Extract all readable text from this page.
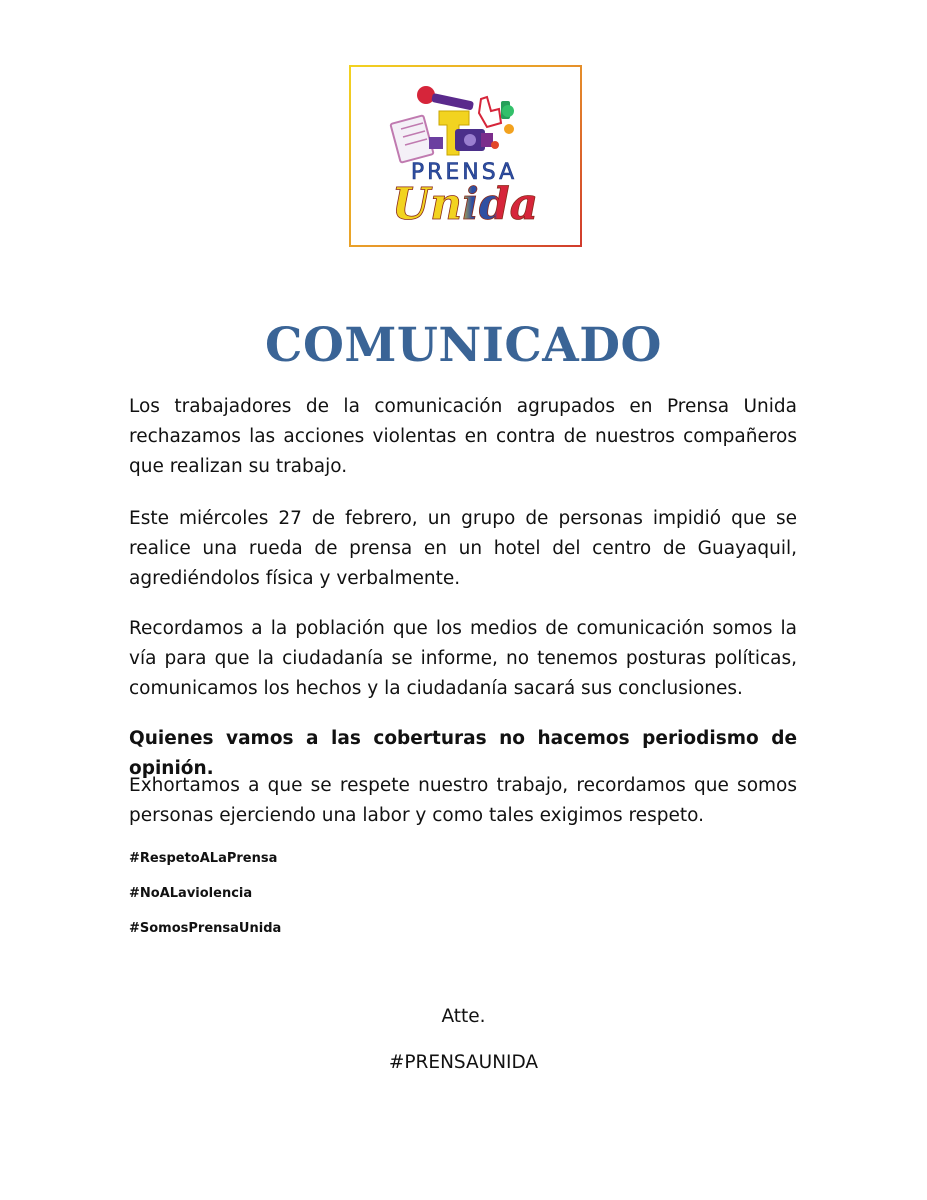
PRENSA
Unida
COMUNICADO

Los trabajadores de la comunicación agrupados en Prensa Unida rechazamos las acciones violentas en contra de nuestros compañeros que realizan su trabajo.

Este miércoles 27 de febrero, un grupo de personas impidió que se realice una rueda de prensa en un hotel del centro de Guayaquil, agrediéndolos física y verbalmente.

Recordamos a la población que los medios de comunicación somos la vía para que la ciudadanía se informe, no tenemos posturas políticas, comunicamos los hechos y la ciudadanía sacará sus conclusiones.

Quienes vamos a las coberturas no hacemos periodismo de opinión.

Exhortamos a que se respete nuestro trabajo, recordamos que somos personas ejerciendo una labor y como tales exigimos respeto.

#RespetoALaPrensa

#NoALaviolencia

#SomosPrensaUnida

Atte.

#PRENSAUNIDA
